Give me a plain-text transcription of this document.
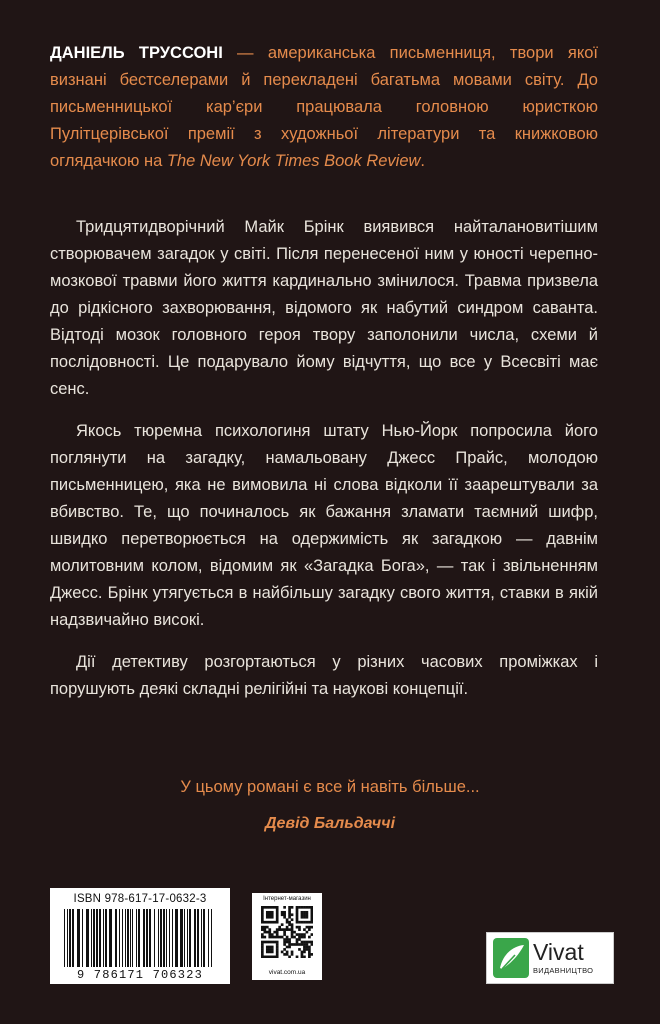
ДАНІЕЛЬ ТРУССОНІ — американська письменниця, твори якої визнані бестселерами й перекладені багатьма мовами світу. До письменницької кар’єри працювала головною юристкою Пулітцерівської премії з художньої літератури та книжковою оглядачкою на The New York Times Book Review.

Тридцятидворічний Майк Брінк виявився найталановитішим створювачем загадок у світі. Після перенесеної ним у юності черепно-мозкової травми його життя кардинально змінилося. Травма призвела до рідкісного захворювання, відомого як набутий синдром саванта. Відтоді мозок головного героя твору заполонили числа, схеми й послідовності. Це подарувало йому відчуття, що все у Всесвіті має сенс.

Якось тюремна психологиня штату Нью-Йорк попросила його поглянути на загадку, намальовану Джесс Прайс, молодою письменницею, яка не вимовила ні слова відколи її заарештували за вбивство. Те, що починалось як бажання зламати таємний шифр, швидко перетворюється на одержимість як загадкою — давнім молитовним колом, відомим як «Загадка Бога», — так і звільненням Джесс. Брінк утягується в найбільшу загадку свого життя, ставки в якій надзвичайно високі.

Дії детективу розгортаються у різних часових проміжках і порушують деякі складні релігійні та наукові концепції.

У цьому романі є все й навіть більше...
Девід Бальдаччі
ISBN 978-617-17-0632-3
9 786171 706323
Інтернет-магазин
vivat.com.ua
Vivat
ВИДАВНИЦТВО
